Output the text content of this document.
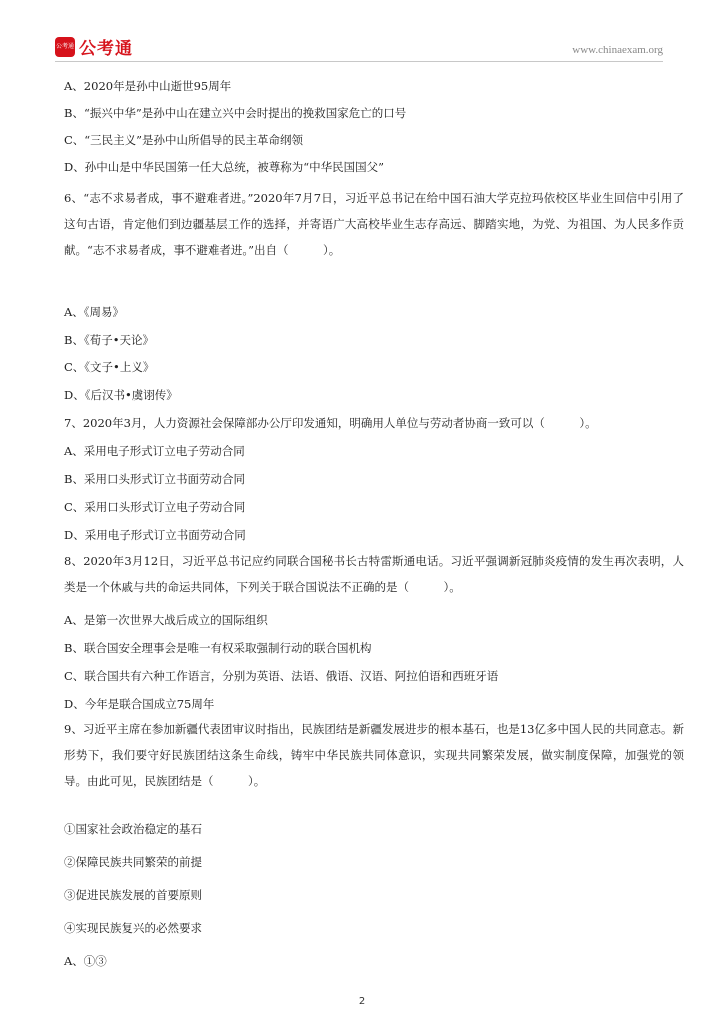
公考通 公考通	www.chinaexam.org
A、2020年是孙中山逝世95周年
B、“振兴中华”是孙中山在建立兴中会时提出的挽救国家危亡的口号
C、“三民主义”是孙中山所倡导的民主革命纲领
D、孙中山是中华民国第一任大总统，被尊称为“中华民国国父”
6、“志不求易者成，事不避难者进。”2020年7月7日，习近平总书记在给中国石油大学克拉玛依校区毕业生回信中引用了这句古语，肯定他们到边疆基层工作的选择，并寄语广大高校毕业生志存高远、脚踏实地，为党、为祖国、为人民多作贡献。“志不求易者成，事不避难者进。”出自（　　　）。
A、《周易》
B、《荀子•天论》
C、《文子•上义》
D、《后汉书•虞诩传》
7、2020年3月，人力资源社会保障部办公厅印发通知，明确用人单位与劳动者协商一致可以（　　　）。
A、采用电子形式订立电子劳动合同
B、采用口头形式订立书面劳动合同
C、采用口头形式订立电子劳动合同
D、采用电子形式订立书面劳动合同
8、2020年3月12日，习近平总书记应约同联合国秘书长古特雷斯通电话。习近平强调新冠肺炎疫情的发生再次表明，人类是一个休戚与共的命运共同体，下列关于联合国说法不正确的是（　　　）。
A、是第一次世界大战后成立的国际组织
B、联合国安全理事会是唯一有权采取强制行动的联合国机构
C、联合国共有六种工作语言，分别为英语、法语、俄语、汉语、阿拉伯语和西班牙语
D、今年是联合国成立75周年
9、习近平主席在参加新疆代表团审议时指出，民族团结是新疆发展进步的根本基石，也是13亿多中国人民的共同意志。新形势下，我们要守好民族团结这条生命线，铸牢中华民族共同体意识，实现共同繁荣发展，做实制度保障，加强党的领导。由此可见，民族团结是（　　　）。
①国家社会政治稳定的基石
②保障民族共同繁荣的前提
③促进民族发展的首要原则
④实现民族复兴的必然要求
A、①③
2
